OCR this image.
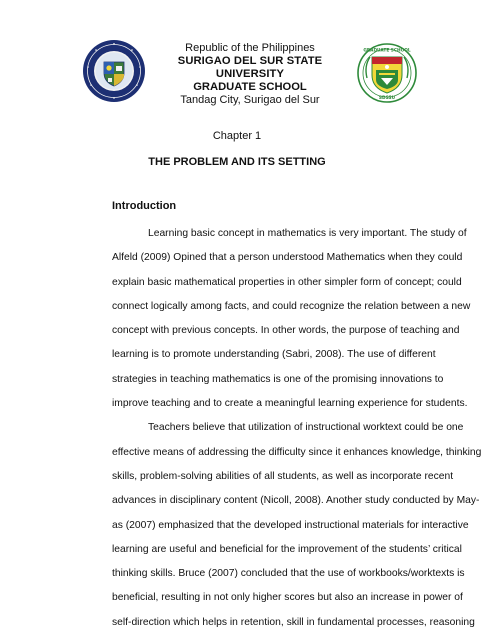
Republic of the Philippines
SURIGAO DEL SUR STATE UNIVERSITY
GRADUATE SCHOOL
Tandag City, Surigao del Sur
GRADUATE SCHOOL
SDSSU
Chapter 1
THE PROBLEM AND ITS SETTING
Introduction
Learning basic concept in mathematics is very important. The study of
Alfeld (2009) Opined that a person understood Mathematics when they could
explain basic mathematical properties in other simpler form of concept; could
connect logically among facts, and could recognize the relation between a new
concept with previous concepts. In other words, the purpose of teaching and
learning is to promote understanding (Sabri, 2008). The use of different
strategies in teaching mathematics is one of the promising innovations to
improve teaching and to create a meaningful learning experience for students.
Teachers believe that utilization of instructional worktext could be one
effective means of addressing the difficulty since it enhances knowledge, thinking
skills, problem-solving abilities of all students, as well as incorporate recent
advances in disciplinary content (Nicoll, 2008). Another study conducted by May-
as (2007) emphasized that the developed instructional materials for interactive
learning are useful and beneficial for the improvement of the students’ critical
thinking skills. Bruce (2007) concluded that the use of workbooks/worktexts is
beneficial, resulting in not only higher scores but also an increase in power of
self-direction which helps in retention, skill in fundamental processes, reasoning
